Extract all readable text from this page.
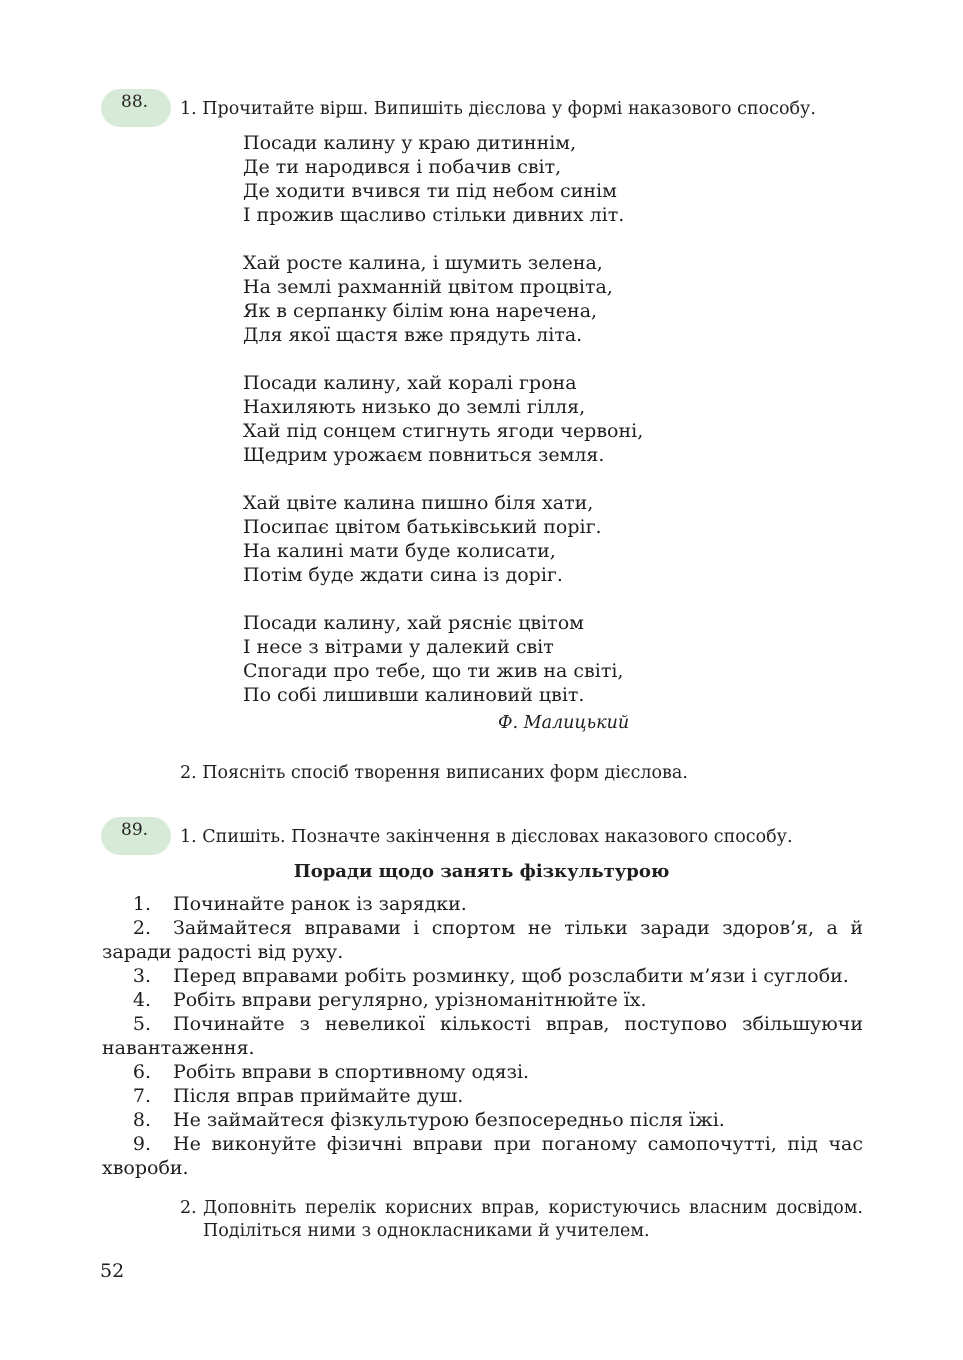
88.	1. Прочитайте вірш. Випишіть дієслова у формі наказового способу.
Посади калину у краю дитиннім,
Де ти народився і побачив світ,
Де ходити вчився ти під небом синім
І прожив щасливо стільки дивних літ.
Хай росте калина, і шумить зелена,
На землі рахманній цвітом процвіта,
Як в серпанку білім юна наречена,
Для якої щастя вже прядуть літа.
Посади калину, хай коралі грона
Нахиляють низько до землі гілля,
Хай під сонцем стигнуть ягоди червоні,
Щедрим урожаєм повниться земля.
Хай цвіте калина пишно біля хати,
Посипає цвітом батьківський поріг.
На калині мати буде колисати,
Потім буде ждати сина із доріг.
Посади калину, хай рясніє цвітом
І несе з вітрами у далекий світ
Спогади про тебе, що ти жив на світі,
По собі лишивши калиновий цвіт.
Ф. Малицький
2. Поясніть спосіб творення виписаних форм дієслова.
89.	1. Спишіть. Позначте закінчення в дієсловах наказового способу.
Поради щодо занять фізкультурою
1. Починайте ранок із зарядки.
2. Займайтеся вправами і спортом не тільки заради здоров’я, а й заради радості від руху.
3. Перед вправами робіть розминку, щоб розслабити м’язи і суглоби.
4. Робіть вправи регулярно, урізноманітнюйте їх.
5. Починайте з невеликої кількості вправ, поступово збільшуючи навантаження.
6. Робіть вправи в спортивному одязі.
7. Після вправ приймайте душ.
8. Не займайтеся фізкультурою безпосередньо після їжі.
9. Не виконуйте фізичні вправи при поганому самопочутті, під час хвороби.
2. Доповніть перелік корисних вправ, користуючись власним досвідом. Поділіться ними з однокласниками й учителем.
52
